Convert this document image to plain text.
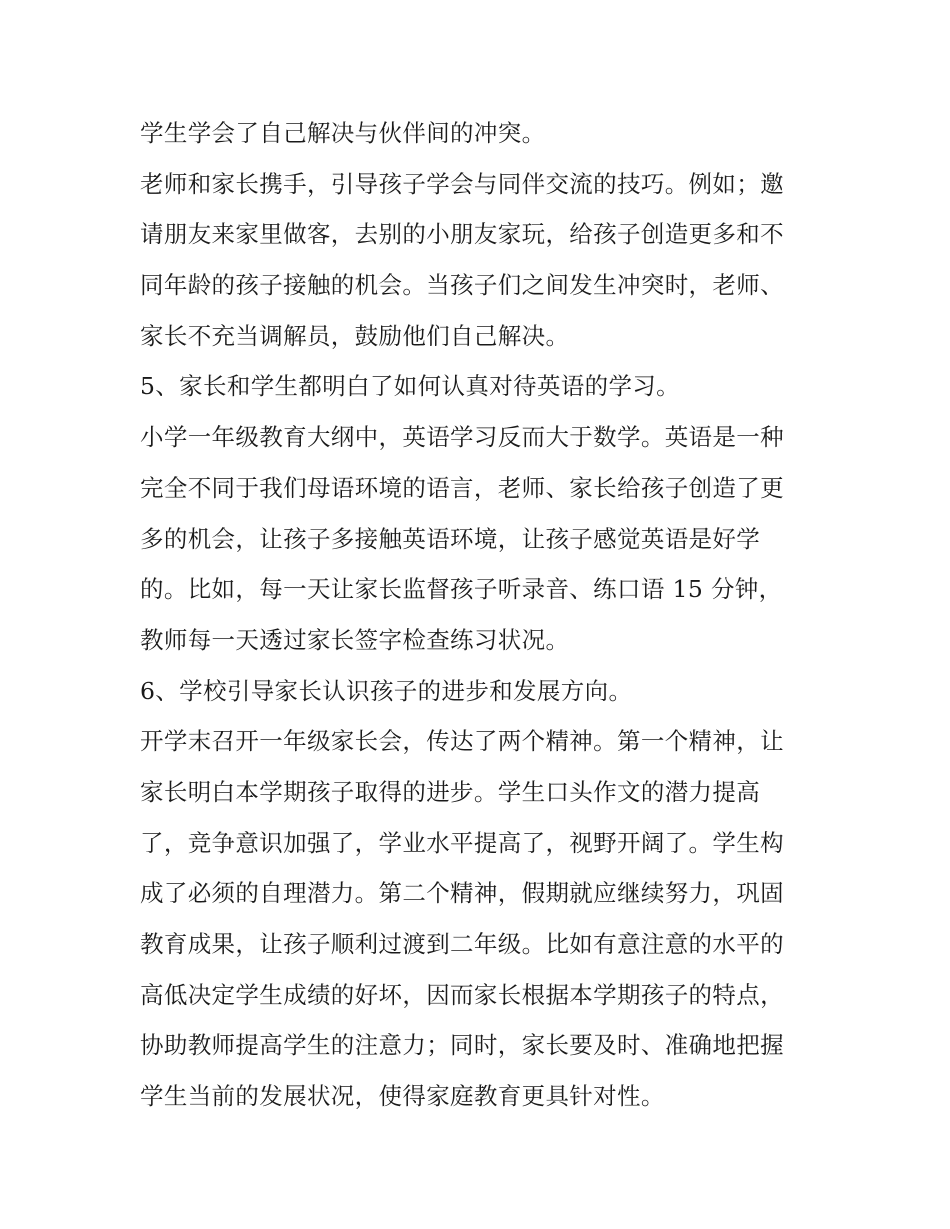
学生学会了自己解决与伙伴间的冲突。
老师和家长携手，引导孩子学会与同伴交流的技巧。例如；邀
请朋友来家里做客，去别的小朋友家玩，给孩子创造更多和不
同年龄的孩子接触的机会。当孩子们之间发生冲突时，老师、
家长不充当调解员，鼓励他们自己解决。
5、家长和学生都明白了如何认真对待英语的学习。
小学一年级教育大纲中，英语学习反而大于数学。英语是一种
完全不同于我们母语环境的语言，老师、家长给孩子创造了更
多的机会，让孩子多接触英语环境，让孩子感觉英语是好学
的。比如，每一天让家长监督孩子听录音、练口语 15 分钟，
教师每一天透过家长签字检查练习状况。
6、学校引导家长认识孩子的进步和发展方向。
开学末召开一年级家长会，传达了两个精神。第一个精神，让
家长明白本学期孩子取得的进步。学生口头作文的潜力提高
了，竞争意识加强了，学业水平提高了，视野开阔了。学生构
成了必须的自理潜力。第二个精神，假期就应继续努力，巩固
教育成果，让孩子顺利过渡到二年级。比如有意注意的水平的
高低决定学生成绩的好坏，因而家长根据本学期孩子的特点，
协助教师提高学生的注意力；同时，家长要及时、准确地把握
学生当前的发展状况，使得家庭教育更具针对性。
